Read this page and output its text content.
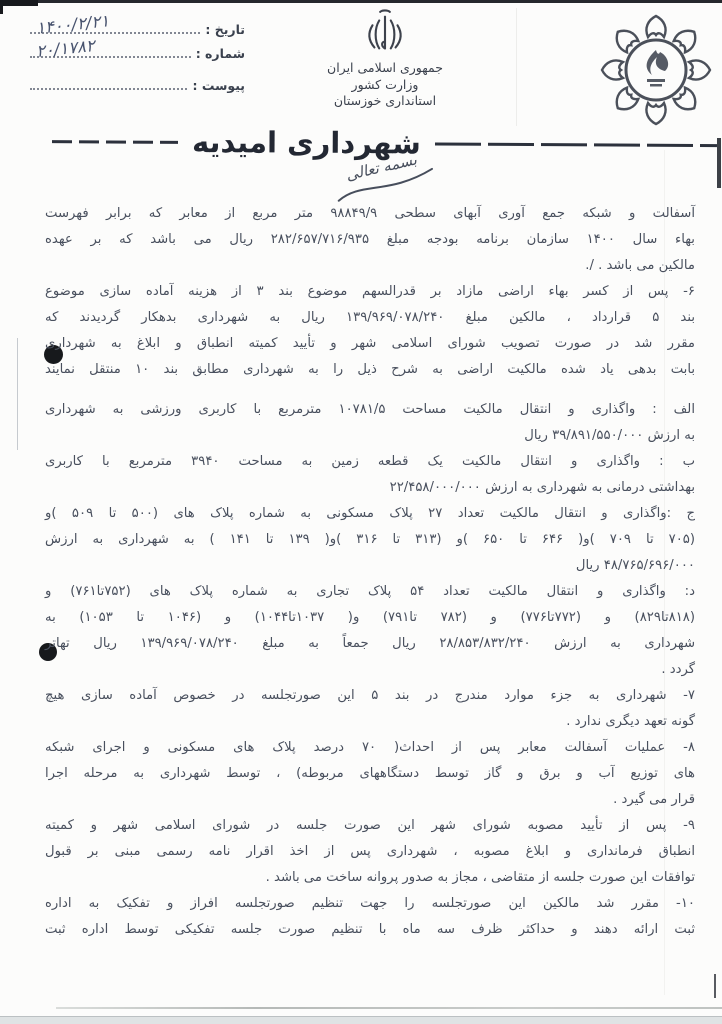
تاریخ :
۱۴۰۰/۲/۲۱
شماره :
۲۰/۱۷۸۲
پیوست :
جمهوری اسلامی ایران
وزارت کشور
استانداری خوزستان
شهرداری امیدیه
بسمه تعالی
آسفالت و شبکه جمع آوری آبهای سطحی ۹۸۸۴۹/۹ متر مربع از معابر که برابر فهرست
بهاء سال ۱۴۰۰ سازمان برنامه بودجه مبلغ ۲۸۲/۶۵۷/۷۱۶/۹۳۵ ریال می باشد که بر عهده
مالکین می باشد . /.
۶- پس از کسر بهاء اراضی مازاد بر قدرالسهم موضوع بند ۳ از هزینه آماده سازی موضوع
بند ۵ قرارداد ، مالکین مبلغ ۱۳۹/۹۶۹/۰۷۸/۲۴۰ ریال به شهرداری بدهکار گردیدند که
مقرر شد در صورت تصویب شورای اسلامی شهر و تأیید کمیته انطباق و ابلاغ به شهرداری
بابت بدهی یاد شده مالکیت اراضی به شرح ذیل را به شهرداری مطابق بند ۱۰ منتقل نمایند
الف : واگذاری و انتقال مالکیت مساحت ۱۰۷۸۱/۵ مترمربع با کاربری ورزشی به شهرداری
به ارزش ۳۹/۸۹۱/۵۵۰/۰۰۰ ریال
ب : واگذاری و انتقال مالکیت یک قطعه زمین به مساحت ۳۹۴۰ مترمربع با کاربری
بهداشتی درمانی به شهرداری به ارزش ۲۲/۴۵۸/۰۰۰/۰۰۰
ج :واگذاری و انتقال مالکیت تعداد ۲۷ پلاک مسکونی به شماره پلاک های (۵۰۰ تا ۵۰۹ )و
(۷۰۵ تا ۷۰۹ )و( ۶۴۶ تا ۶۵۰ )و (۳۱۳ تا ۳۱۶ )و( ۱۳۹ تا ۱۴۱ ) به شهرداری به ارزش
۴۸/۷۶۵/۶۹۶/۰۰۰ ریال
د: واگذاری و انتقال مالکیت تعداد ۵۴ پلاک تجاری به شماره پلاک های (۷۵۲تا۷۶۱) و
(۸۱۸تا۸۲۹) و (۷۷۲تا۷۷۶) و (۷۸۲ تا۷۹۱) و( ۱۰۳۷تا۱۰۴۴) و (۱۰۴۶ تا ۱۰۵۳) به
شهرداری به ارزش ۲۸/۸۵۳/۸۳۲/۲۴۰ ریال جمعاً به مبلغ ۱۳۹/۹۶۹/۰۷۸/۲۴۰ ریال تهاتر
گردد .
۷- شهرداری به جزء موارد مندرج در بند ۵ این صورتجلسه در خصوص آماده سازی هیچ
گونه تعهد دیگری ندارد .
۸- عملیات آسفالت معابر پس از احداث( ۷۰ درصد پلاک های مسکونی و اجرای شبکه
های توزیع آب و برق و گاز توسط دستگاههای مربوطه) ، توسط شهرداری به مرحله اجرا
قرار می گیرد .
۹- پس از تأیید مصوبه شورای شهر این صورت جلسه در شورای اسلامی شهر و کمیته
انطباق فرمانداری و ابلاغ مصوبه ، شهرداری پس از اخذ اقرار نامه رسمی مبنی بر قبول
توافقات این صورت جلسه از متقاضی ، مجاز به صدور پروانه ساخت می باشد .
۱۰- مقرر شد مالکین این صورتجلسه را جهت تنظیم صورتجلسه افراز و تفکیک به اداره
ثبت ارائه دهند و حداکثر ظرف سه ماه با تنظیم صورت جلسه تفکیکی توسط اداره ثبت
